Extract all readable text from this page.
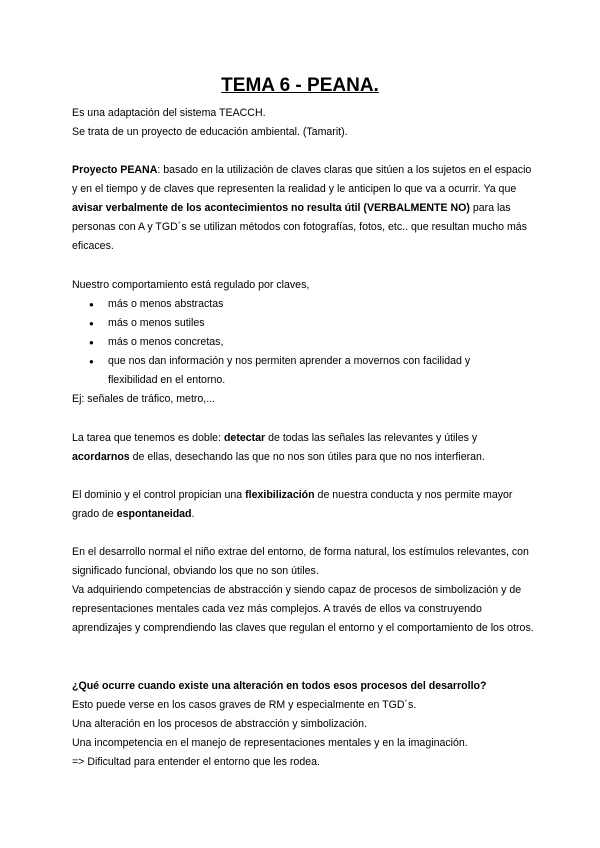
TEMA 6 - PEANA.

Es una adaptación del sistema TEACCH.

Se trata de un proyecto de educación ambiental. (Tamarit).

Proyecto PEANA: basado en la utilización de claves claras que sitúen a los sujetos en el espacio y en el tiempo y de claves que representen la realidad y le anticipen lo que va a ocurrir. Ya que avisar verbalmente de los acontecimientos no resulta útil (VERBALMENTE NO) para las personas con A y TGD´s se utilizan métodos con fotografías, fotos, etc.. que resultan mucho más eficaces.

Nuestro comportamiento está regulado por claves,

● más o menos abstractas
● más o menos sutiles
● más o menos concretas,
● que nos dan información y nos permiten aprender a movernos con facilidad y flexibilidad en el entorno.

Ej: señales de tráfico, metro,...

La tarea que tenemos es doble: detectar de todas las señales las relevantes y útiles y acordarnos de ellas, desechando las que no nos son útiles para que no nos interfieran.

El dominio y el control propician una flexibilización de nuestra conducta y nos permite mayor grado de espontaneidad.

En el desarrollo normal el niño extrae del entorno, de forma natural, los estímulos relevantes, con significado funcional, obviando los que no son útiles.

Va adquiriendo competencias de abstracción y siendo capaz de procesos de simbolización y de representaciones mentales cada vez más complejos. A través de ellos va construyendo aprendizajes y comprendiendo las claves que regulan el entorno y el comportamiento de los otros.

¿Qué ocurre cuando existe una alteración en todos esos procesos del desarrollo?

Esto puede verse en los casos graves de RM y especialmente en TGD´s.

Una alteración en los procesos de abstracción y simbolización.

Una incompetencia en el manejo de representaciones mentales y en la imaginación.

=> Dificultad para entender el entorno que les rodea.
